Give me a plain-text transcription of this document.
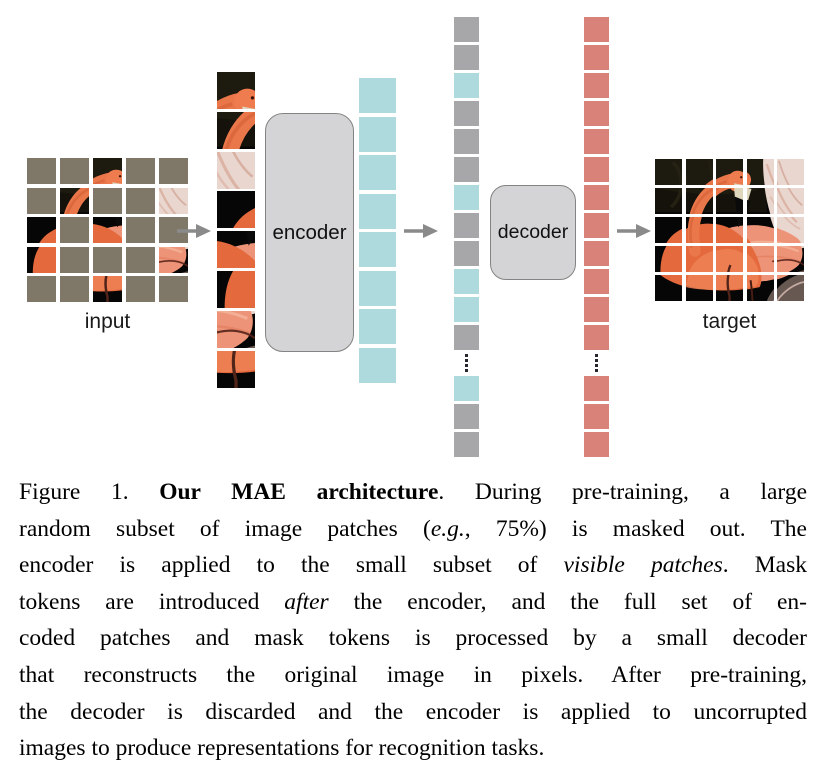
input
encoder	decoder
target
Figure 1. Our MAE architecture. During pre-training, a large
random subset of image patches (e.g., 75%) is masked out. The
encoder is applied to the small subset of visible patches. Mask
tokens are introduced after the encoder, and the full set of en-
coded patches and mask tokens is processed by a small decoder
that reconstructs the original image in pixels. After pre-training,
the decoder is discarded and the encoder is applied to uncorrupted
images to produce representations for recognition tasks.
